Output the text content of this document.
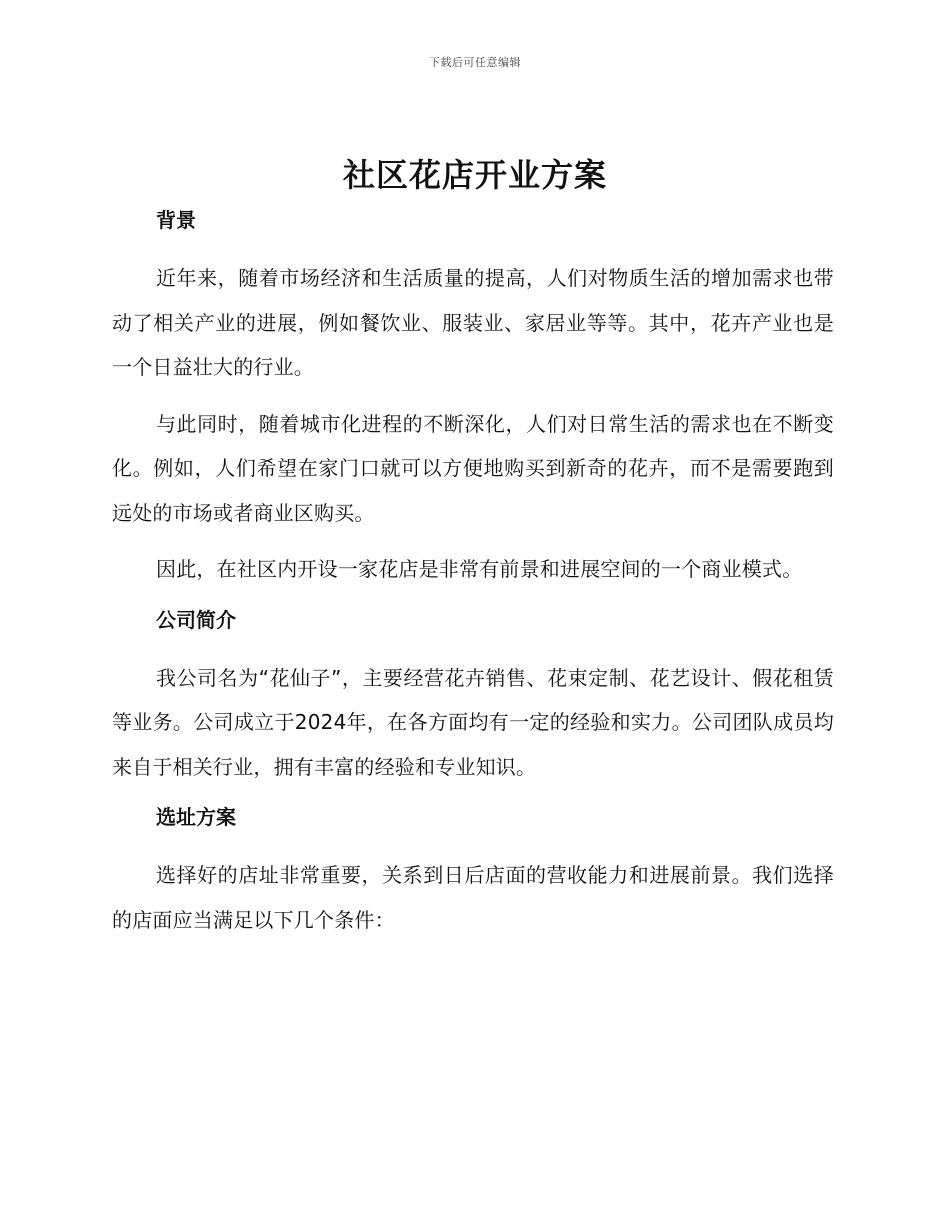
下载后可任意编辑
社区花店开业方案
背景

近年来，随着市场经济和生活质量的提高，人们对物质生活的增加需求也带动了相关产业的进展，例如餐饮业、服装业、家居业等等。其中，花卉产业也是一个日益壮大的行业。

与此同时，随着城市化进程的不断深化，人们对日常生活的需求也在不断变化。例如，人们希望在家门口就可以方便地购买到新奇的花卉，而不是需要跑到远处的市场或者商业区购买。

因此，在社区内开设一家花店是非常有前景和进展空间的一个商业模式。

公司简介

我公司名为“花仙子”，主要经营花卉销售、花束定制、花艺设计、假花租赁等业务。公司成立于2024年，在各方面均有一定的经验和实力。公司团队成员均来自于相关行业，拥有丰富的经验和专业知识。

选址方案

选择好的店址非常重要，关系到日后店面的营收能力和进展前景。我们选择的店面应当满足以下几个条件：
